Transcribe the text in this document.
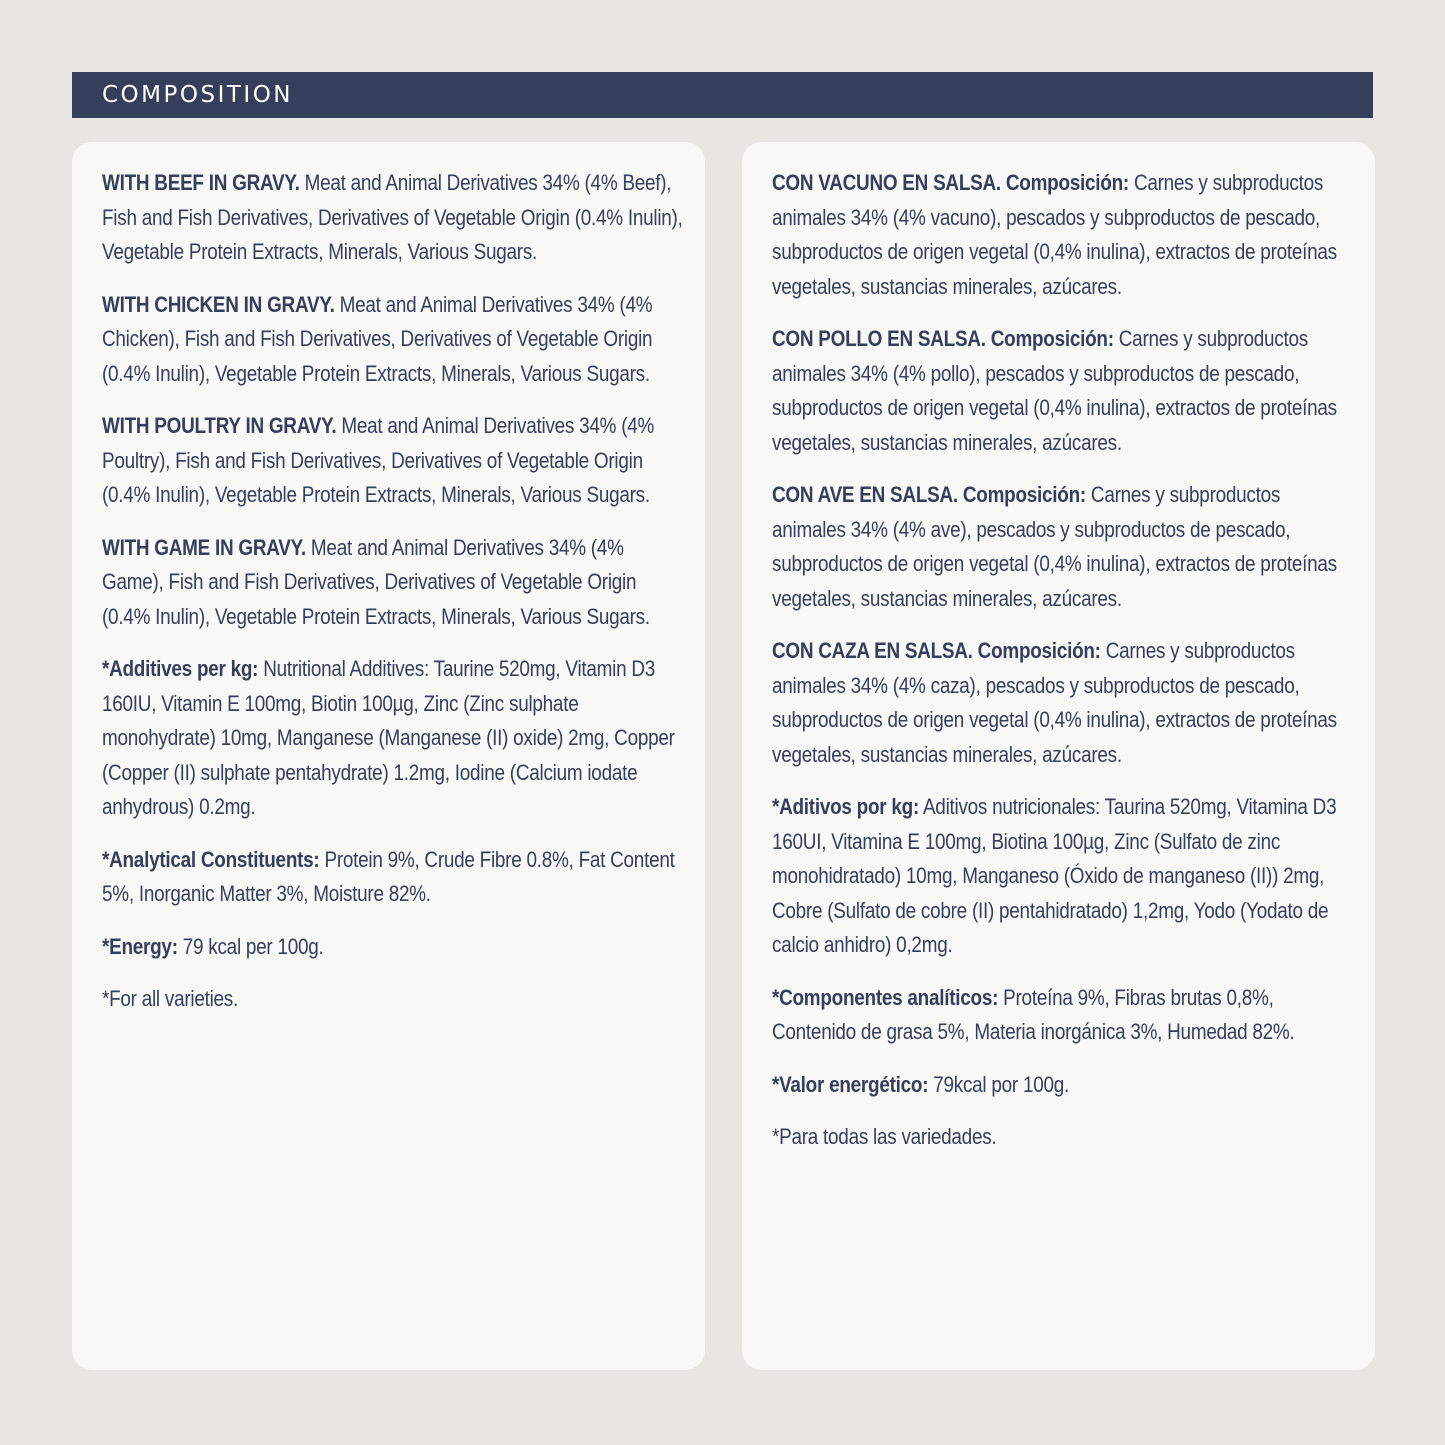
COMPOSITION

WITH BEEF IN GRAVY. Meat and Animal Derivatives 34% (4% Beef), Fish and Fish Derivatives, Derivatives of Vegetable Origin (0.4% Inulin), Vegetable Protein Extracts, Minerals, Various Sugars.

WITH CHICKEN IN GRAVY. Meat and Animal Derivatives 34% (4% Chicken), Fish and Fish Derivatives, Derivatives of Vegetable Origin (0.4% Inulin), Vegetable Protein Extracts, Minerals, Various Sugars.

WITH POULTRY IN GRAVY. Meat and Animal Derivatives 34% (4% Poultry), Fish and Fish Derivatives, Derivatives of Vegetable Origin (0.4% Inulin), Vegetable Protein Extracts, Minerals, Various Sugars.

WITH GAME IN GRAVY. Meat and Animal Derivatives 34% (4% Game), Fish and Fish Derivatives, Derivatives of Vegetable Origin (0.4% Inulin), Vegetable Protein Extracts, Minerals, Various Sugars.

*Additives per kg: Nutritional Additives: Taurine 520mg, Vitamin D3 160IU, Vitamin E 100mg, Biotin 100µg, Zinc (Zinc sulphate monohydrate) 10mg, Manganese (Manganese (II) oxide) 2mg, Copper (Copper (II) sulphate pentahydrate) 1.2mg, Iodine (Calcium iodate anhydrous) 0.2mg.

*Analytical Constituents: Protein 9%, Crude Fibre 0.8%, Fat Content 5%, Inorganic Matter 3%, Moisture 82%.

*Energy: 79 kcal per 100g.

*For all varieties.

CON VACUNO EN SALSA. Composición: Carnes y subproductos animales 34% (4% vacuno), pescados y subproductos de pescado, subproductos de origen vegetal (0,4% inulina), extractos de proteínas vegetales, sustancias minerales, azúcares.

CON POLLO EN SALSA. Composición: Carnes y subproductos animales 34% (4% pollo), pescados y subproductos de pescado, subproductos de origen vegetal (0,4% inulina), extractos de proteínas vegetales, sustancias minerales, azúcares.

CON AVE EN SALSA. Composición: Carnes y subproductos animales 34% (4% ave), pescados y subproductos de pescado, subproductos de origen vegetal (0,4% inulina), extractos de proteínas vegetales, sustancias minerales, azúcares.

CON CAZA EN SALSA. Composición: Carnes y subproductos animales 34% (4% caza), pescados y subproductos de pescado, subproductos de origen vegetal (0,4% inulina), extractos de proteínas vegetales, sustancias minerales, azúcares.

*Aditivos por kg: Aditivos nutricionales: Taurina 520mg, Vitamina D3 160UI, Vitamina E 100mg, Biotina 100µg, Zinc (Sulfato de zinc monohidratado) 10mg, Manganeso (Óxido de manganeso (II)) 2mg, Cobre (Sulfato de cobre (II) pentahidratado) 1,2mg, Yodo (Yodato de calcio anhidro) 0,2mg.

*Componentes analíticos: Proteína 9%, Fibras brutas 0,8%, Contenido de grasa 5%, Materia inorgánica 3%, Humedad 82%.

*Valor energético: 79kcal por 100g.

*Para todas las variedades.
